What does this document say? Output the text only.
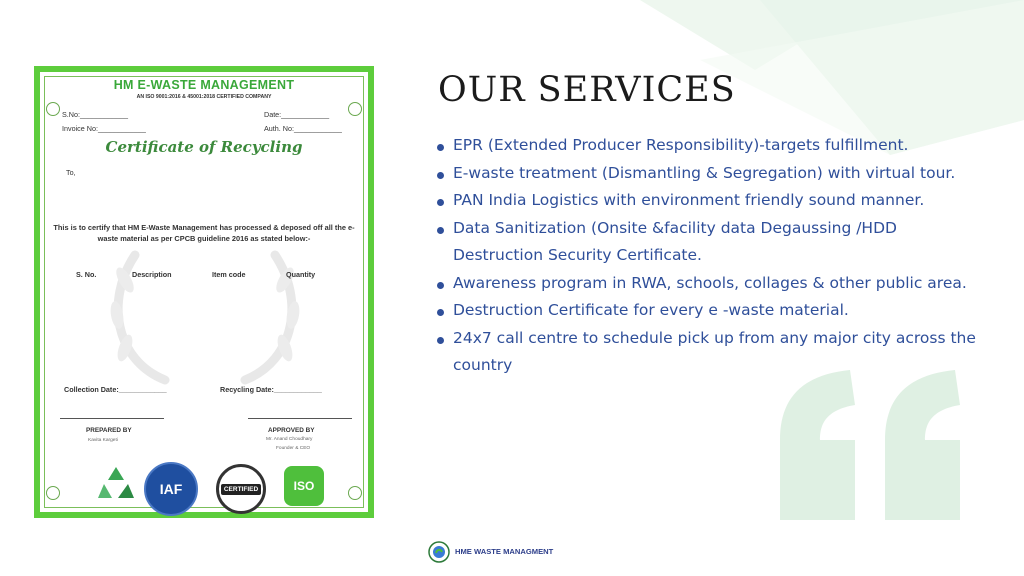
HM E-WASTE MANAGEMENT
AN ISO 9001:2016 & 45001:2018 CERTIFIED COMPANY
S.No:____________	Date:____________
Invoice No:____________	Auth. No:____________
Certificate of Recycling
To,
This is to certify that HM E-Waste Management has processed & deposed off all the e-waste material as per CPCB guideline 2016 as stated below:-
S. No.	Description	Item code	Quantity
Collection Date:____________	Recycling Date:____________
PREPARED BY
Kavita Kargeti
APPROVED BY
Mr. Anand Choudhary
Founder & CEO
IAF	CERTIFIED	ISO
OUR SERVICES
EPR (Extended Producer Responsibility)-targets fulfillment.
E-waste treatment (Dismantling & Segregation) with virtual tour.
PAN India Logistics with environment friendly sound manner.
Data Sanitization (Onsite &facility data Degaussing /HDD Destruction Security Certificate.
Awareness program in RWA, schools, collages & other public area.
Destruction Certificate for every e -waste material.
24x7 call centre to schedule pick up from any major city across the country
HME WASTE MANAGMENT
